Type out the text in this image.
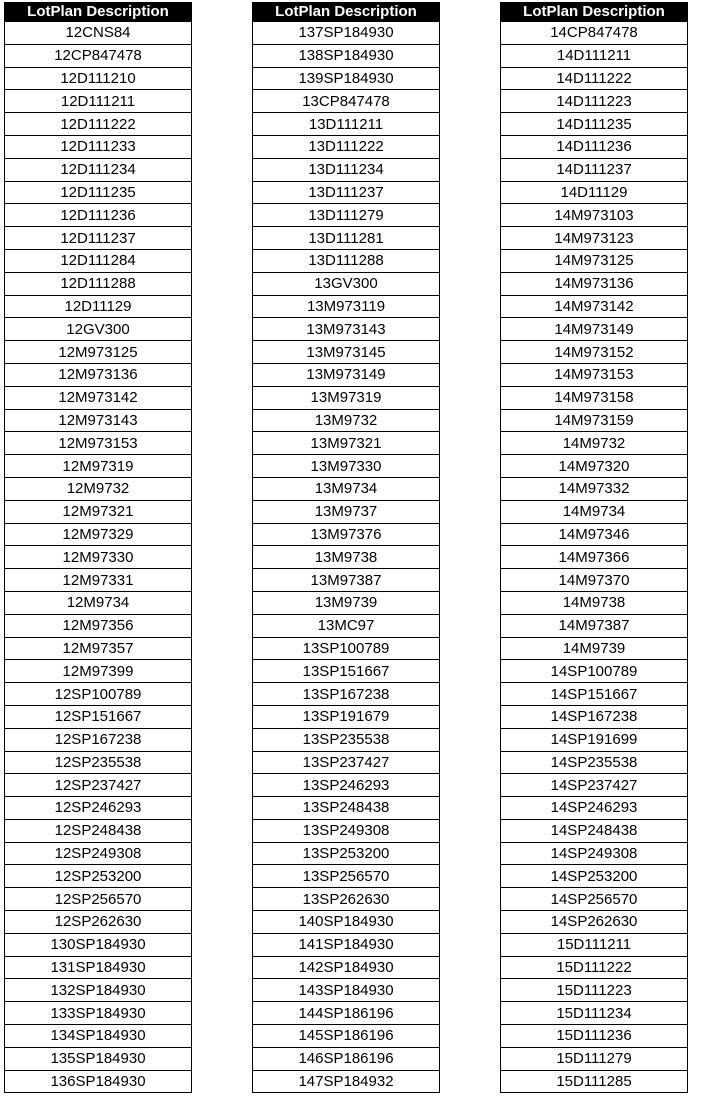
LotPlan Description
12CNS84
12CP847478
12D111210
12D111211
12D111222
12D111233
12D111234
12D111235
12D111236
12D111237
12D111284
12D111288
12D11129
12GV300
12M973125
12M973136
12M973142
12M973143
12M973153
12M97319
12M9732
12M97321
12M97329
12M97330
12M97331
12M9734
12M97356
12M97357
12M97399
12SP100789
12SP151667
12SP167238
12SP235538
12SP237427
12SP246293
12SP248438
12SP249308
12SP253200
12SP256570
12SP262630
130SP184930
131SP184930
132SP184930
133SP184930
134SP184930
135SP184930
136SP184930
LotPlan Description
137SP184930
138SP184930
139SP184930
13CP847478
13D111211
13D111222
13D111234
13D111237
13D111279
13D111281
13D111288
13GV300
13M973119
13M973143
13M973145
13M973149
13M97319
13M9732
13M97321
13M97330
13M9734
13M9737
13M97376
13M9738
13M97387
13M9739
13MC97
13SP100789
13SP151667
13SP167238
13SP191679
13SP235538
13SP237427
13SP246293
13SP248438
13SP249308
13SP253200
13SP256570
13SP262630
140SP184930
141SP184930
142SP184930
143SP184930
144SP186196
145SP186196
146SP186196
147SP184932
LotPlan Description
14CP847478
14D111211
14D111222
14D111223
14D111235
14D111236
14D111237
14D11129
14M973103
14M973123
14M973125
14M973136
14M973142
14M973149
14M973152
14M973153
14M973158
14M973159
14M9732
14M97320
14M97332
14M9734
14M97346
14M97366
14M97370
14M9738
14M97387
14M9739
14SP100789
14SP151667
14SP167238
14SP191699
14SP235538
14SP237427
14SP246293
14SP248438
14SP249308
14SP253200
14SP256570
14SP262630
15D111211
15D111222
15D111223
15D111234
15D111236
15D111279
15D111285
